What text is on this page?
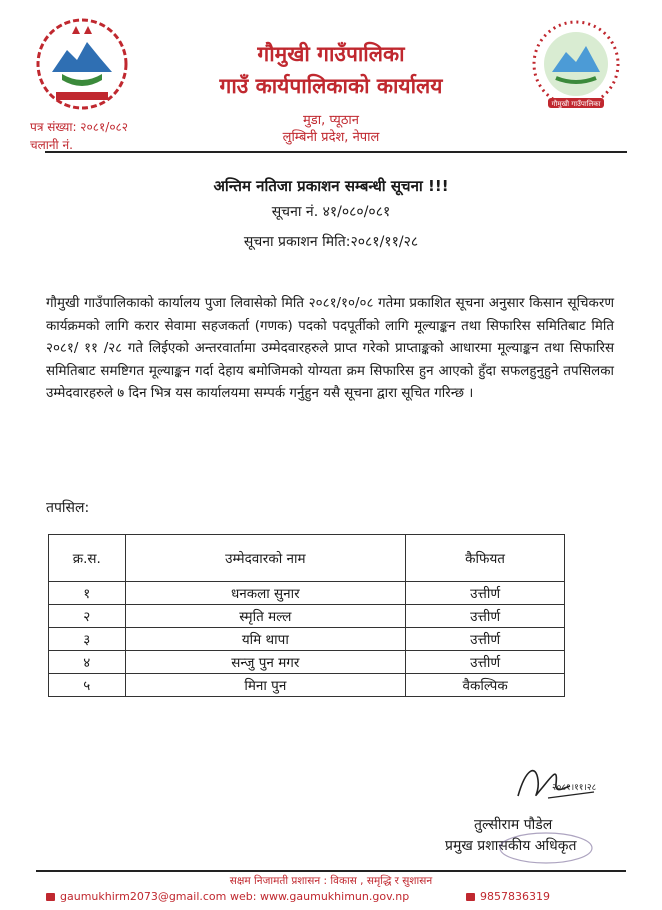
गौमुखी गाउँपालिका
गौमुखी गाउँपालिका
गाउँ कार्यपालिकाको कार्यालय
मुडा, प्यूठान
लुम्बिनी प्रदेश, नेपाल
पत्र संख्या: २०८१/०८२
चलानी नं.
अन्तिम नतिजा प्रकाशन सम्बन्धी सूचना !!!
सूचना नं. ४१/०८०/०८१
सूचना प्रकाशन मिति:२०८१/११/२८
गौमुखी गाउँपालिकाको कार्यालय पुजा लिवासेको मिति २०८१/१०/०८ गतेमा प्रकाशित सूचना अनुसार किसान सूचिकरण कार्यक्रमको लागि करार सेवामा सहजकर्ता (गणक) पदको पदपूर्तीको लागि मूल्याङ्कन तथा सिफारिस समितिबाट मिति २०८१/ ११ /२८ गते लिईएको अन्तरवार्तामा उम्मेदवारहरुले प्राप्त गरेको प्राप्ताङ्कको आधारमा मूल्याङ्कन तथा सिफारिस समितिबाट समष्टिगत मूल्याङ्कन गर्दा देहाय बमोजिमको योग्यता क्रम सिफारिस हुन आएको हुँदा सफलहुनुहुने तपसिलका उम्मेदवारहरुले ७ दिन भित्र यस कार्यालयमा सम्पर्क गर्नुहुन यसै सूचना द्वारा सूचित गरिन्छ ।
तपसिल:
क्र.स.	उम्मेदवारको नाम	कैफियत
१	धनकला सुनार	उत्तीर्ण
२	स्मृति मल्ल	उत्तीर्ण
३	यमि थापा	उत्तीर्ण
४	सन्जु पुन मगर	उत्तीर्ण
५	मिना पुन	वैकल्पिक
२०८१।११।२८
तुल्सीराम पौडेल
प्रमुख प्रशासकीय अधिकृत
सक्षम निजामती प्रशासन : विकास , समृद्धि र सुशासन
gaumukhirm2073@gmail.com web: www.gaumukhimun.gov.np	9857836319
